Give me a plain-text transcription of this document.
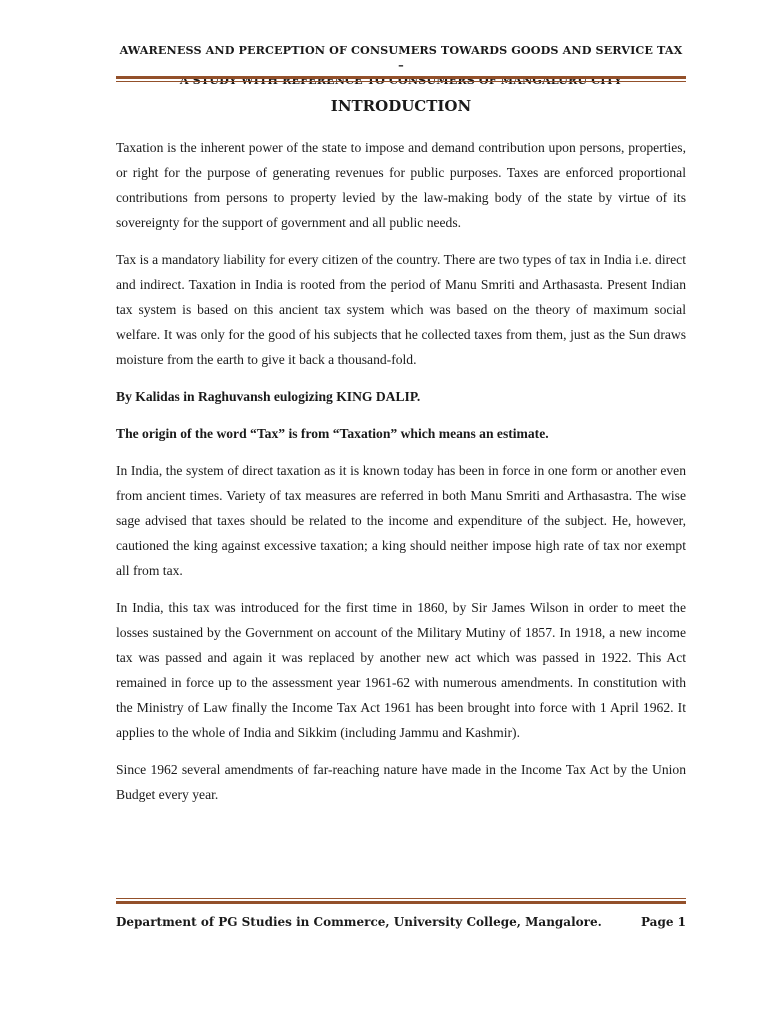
AWARENESS AND PERCEPTION OF CONSUMERS TOWARDS GOODS AND SERVICE TAX –
A STUDY WITH REFERENCE TO CONSUMERS OF MANGALURU CITY
INTRODUCTION

Taxation is the inherent power of the state to impose and demand contribution upon persons, properties, or right for the purpose of generating revenues for public purposes. Taxes are enforced proportional contributions from persons to property levied by the law-making body of the state by virtue of its sovereignty for the support of government and all public needs.

Tax is a mandatory liability for every citizen of the country. There are two types of tax in India i.e. direct and indirect. Taxation in India is rooted from the period of Manu Smriti and Arthasasta. Present Indian tax system is based on this ancient tax system which was based on the theory of maximum social welfare. It was only for the good of his subjects that he collected taxes from them, just as the Sun draws moisture from the earth to give it back a thousand-fold.

By Kalidas in Raghuvansh eulogizing KING DALIP.

The origin of the word “Tax” is from “Taxation” which means an estimate.

In India, the system of direct taxation as it is known today has been in force in one form or another even from ancient times. Variety of tax measures are referred in both Manu Smriti and Arthasastra. The wise sage advised that taxes should be related to the income and expenditure of the subject. He, however, cautioned the king against excessive taxation; a king should neither impose high rate of tax nor exempt all from tax.

In India, this tax was introduced for the first time in 1860, by Sir James Wilson in order to meet the losses sustained by the Government on account of the Military Mutiny of 1857. In 1918, a new income tax was passed and again it was replaced by another new act which was passed in 1922. This Act remained in force up to the assessment year 1961-62 with numerous amendments. In constitution with the Ministry of Law finally the Income Tax Act 1961 has been brought into force with 1 April 1962. It applies to the whole of India and Sikkim (including Jammu and Kashmir).

Since 1962 several amendments of far-reaching nature have made in the Income Tax Act by the Union Budget every year.

Department of PG Studies in Commerce, University College, Mangalore.	Page 1
